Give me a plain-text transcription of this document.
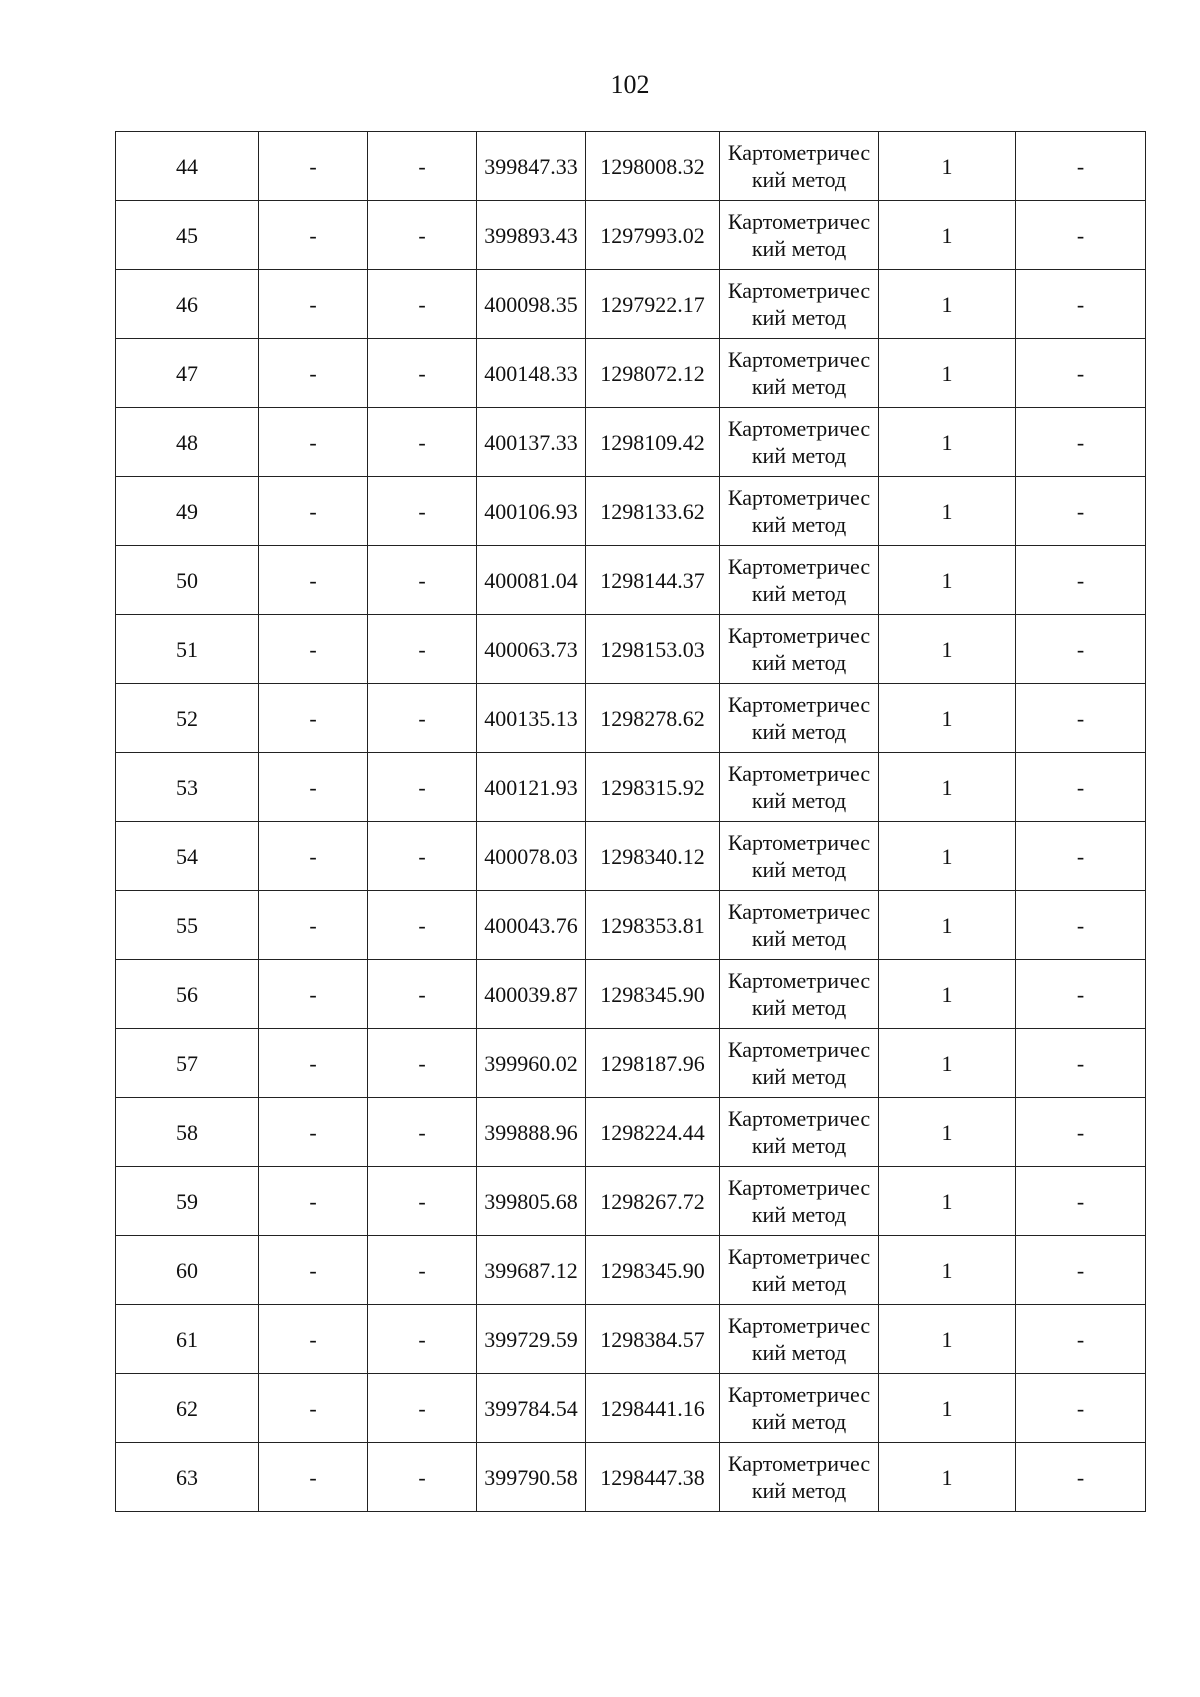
102
44	-	-	399847.33	1298008.32	Картометричес
кий метод	1	-
45	-	-	399893.43	1297993.02	Картометричес
кий метод	1	-
46	-	-	400098.35	1297922.17	Картометричес
кий метод	1	-
47	-	-	400148.33	1298072.12	Картометричес
кий метод	1	-
48	-	-	400137.33	1298109.42	Картометричес
кий метод	1	-
49	-	-	400106.93	1298133.62	Картометричес
кий метод	1	-
50	-	-	400081.04	1298144.37	Картометричес
кий метод	1	-
51	-	-	400063.73	1298153.03	Картометричес
кий метод	1	-
52	-	-	400135.13	1298278.62	Картометричес
кий метод	1	-
53	-	-	400121.93	1298315.92	Картометричес
кий метод	1	-
54	-	-	400078.03	1298340.12	Картометричес
кий метод	1	-
55	-	-	400043.76	1298353.81	Картометричес
кий метод	1	-
56	-	-	400039.87	1298345.90	Картометричес
кий метод	1	-
57	-	-	399960.02	1298187.96	Картометричес
кий метод	1	-
58	-	-	399888.96	1298224.44	Картометричес
кий метод	1	-
59	-	-	399805.68	1298267.72	Картометричес
кий метод	1	-
60	-	-	399687.12	1298345.90	Картометричес
кий метод	1	-
61	-	-	399729.59	1298384.57	Картометричес
кий метод	1	-
62	-	-	399784.54	1298441.16	Картометричес
кий метод	1	-
63	-	-	399790.58	1298447.38	Картометричес
кий метод	1	-
